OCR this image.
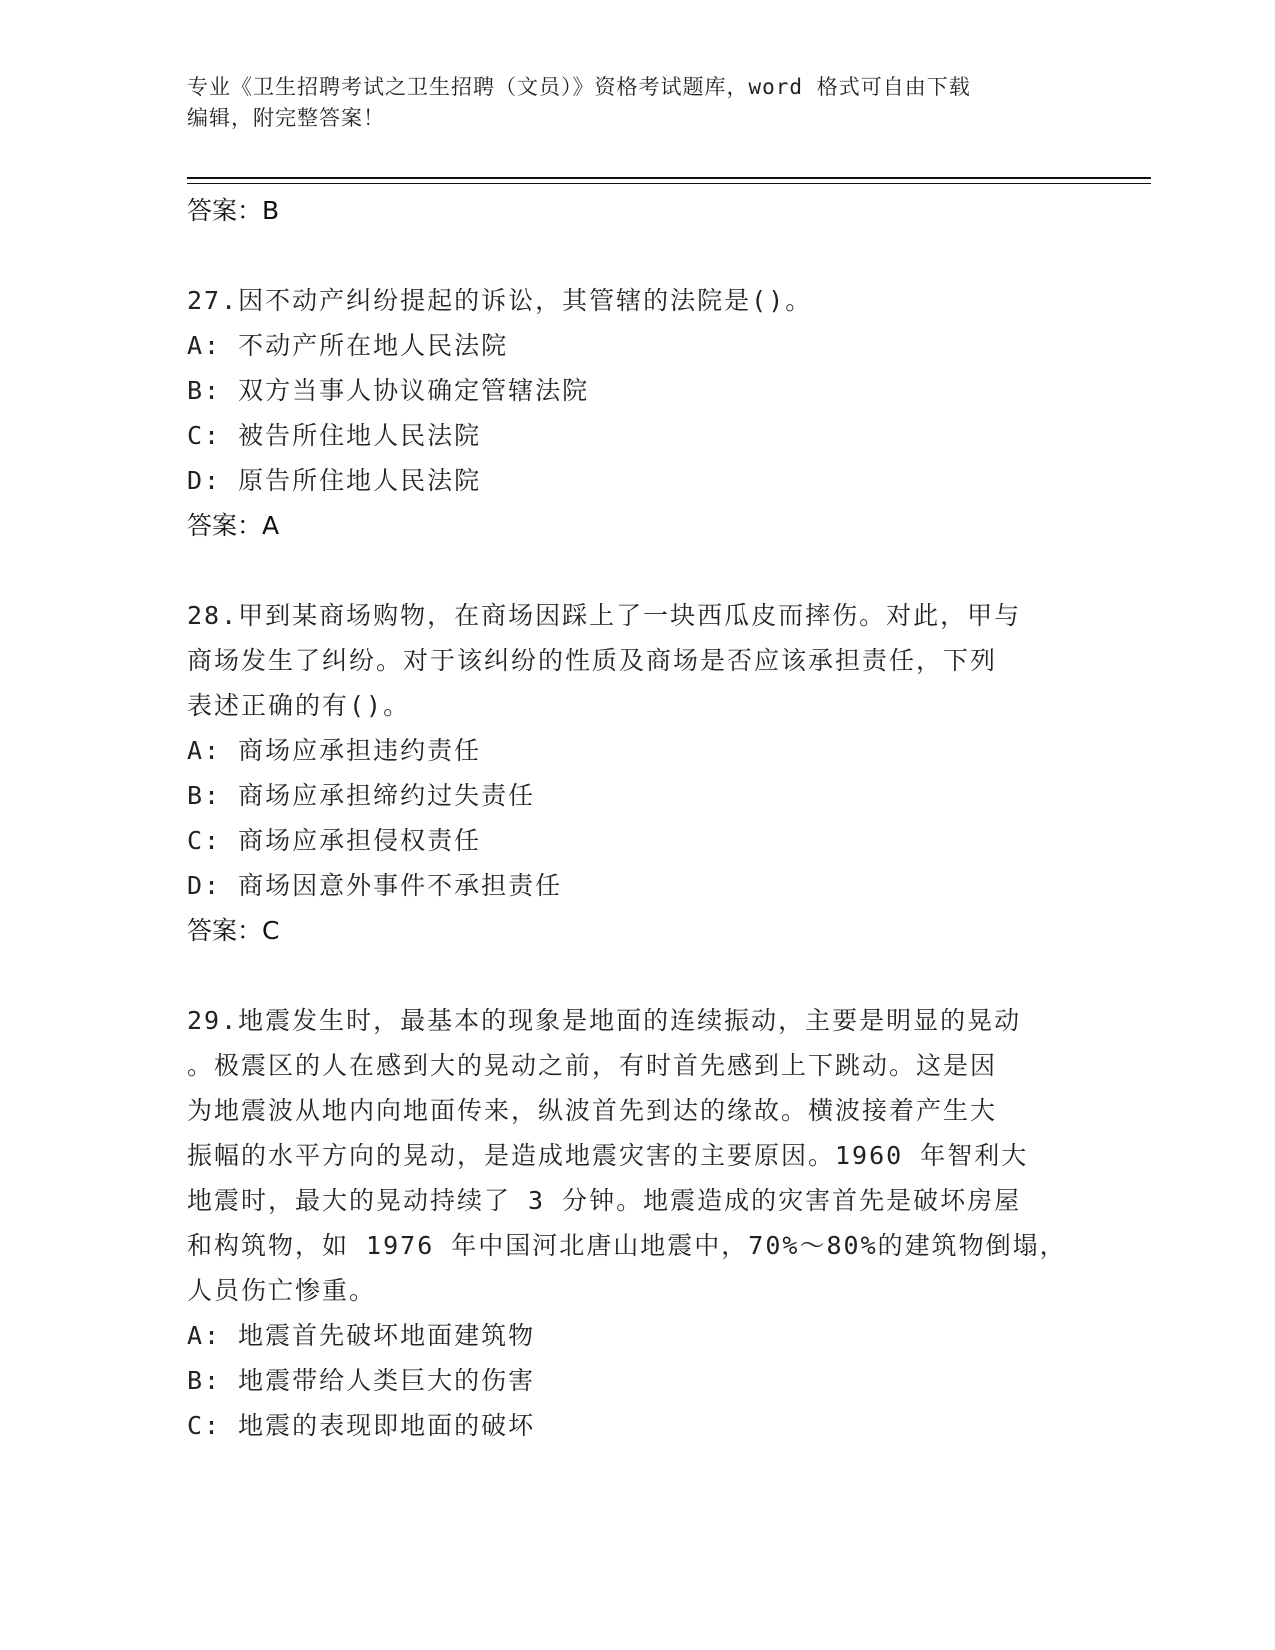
专业《卫生招聘考试之卫生招聘（文员）》资格考试题库，word 格式可自由下载
编辑，附完整答案！
答案：B
27.因不动产纠纷提起的诉讼，其管辖的法院是()。
A: 不动产所在地人民法院
B: 双方当事人协议确定管辖法院
C: 被告所住地人民法院
D: 原告所住地人民法院
答案：A
28.甲到某商场购物，在商场因踩上了一块西瓜皮而摔伤。对此，甲与
商场发生了纠纷。对于该纠纷的性质及商场是否应该承担责任，下列
表述正确的有()。
A: 商场应承担违约责任
B: 商场应承担缔约过失责任
C: 商场应承担侵权责任
D: 商场因意外事件不承担责任
答案：C
29.地震发生时，最基本的现象是地面的连续振动，主要是明显的晃动
。极震区的人在感到大的晃动之前，有时首先感到上下跳动。这是因
为地震波从地内向地面传来，纵波首先到达的缘故。横波接着产生大
振幅的水平方向的晃动，是造成地震灾害的主要原因。1960 年智利大
地震时，最大的晃动持续了 3 分钟。地震造成的灾害首先是破坏房屋
和构筑物，如 1976 年中国河北唐山地震中，70%～80%的建筑物倒塌，
人员伤亡惨重。
A: 地震首先破坏地面建筑物
B: 地震带给人类巨大的伤害
C: 地震的表现即地面的破坏
